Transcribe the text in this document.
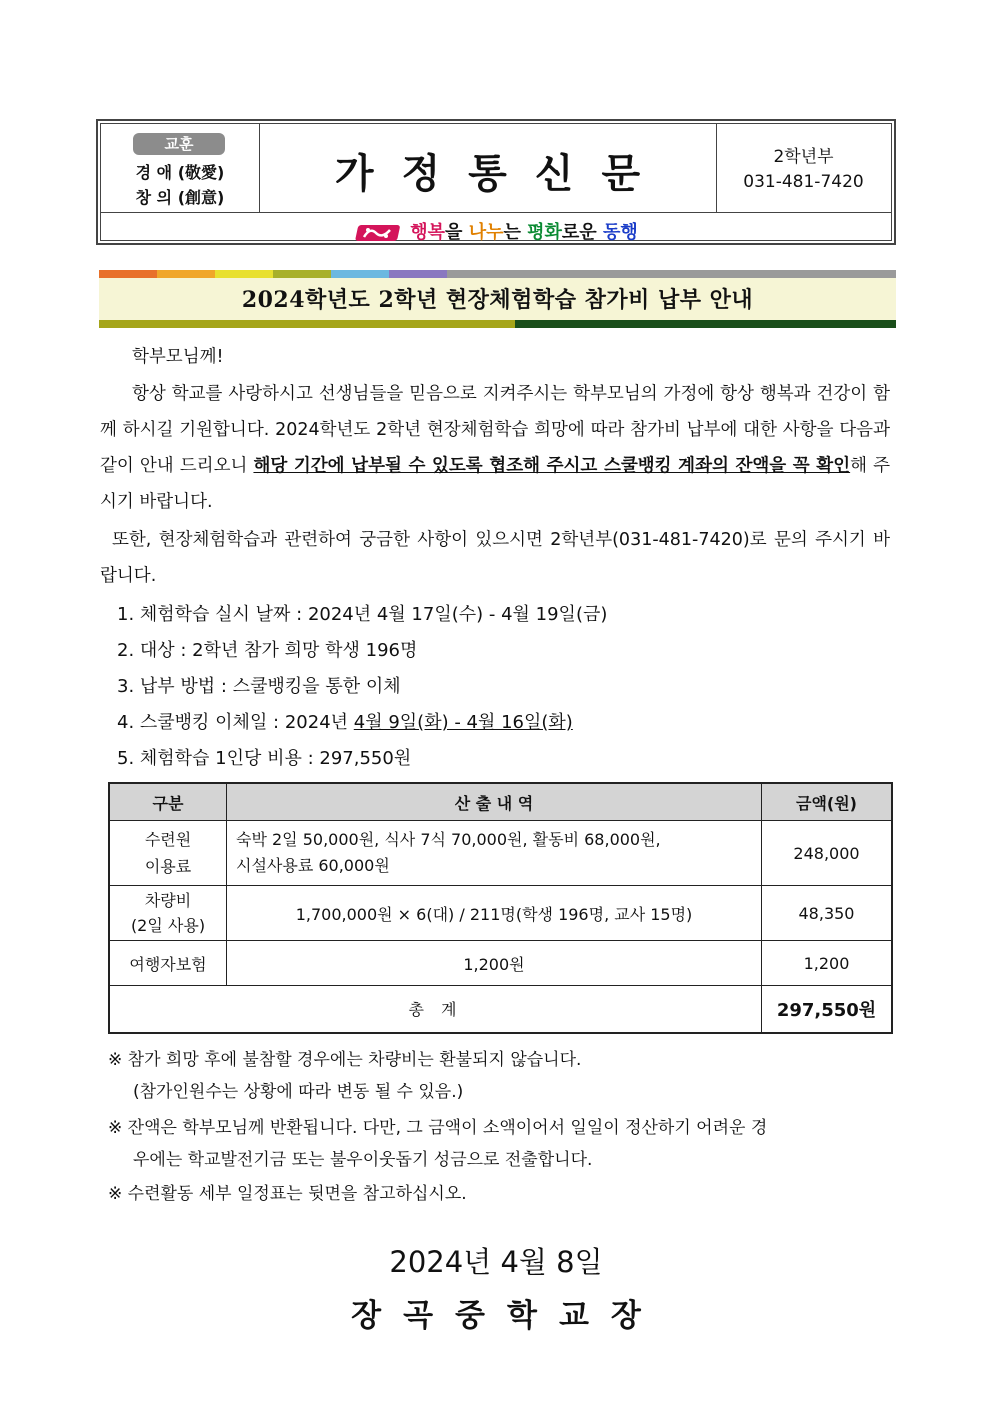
교훈
경 애 (敬愛)
창 의 (創意)
가정통신문	2학년부
031-481-7420
행복을 나누는 평화로운 동행
2024학년도 2학년 현장체험학습 참가비 납부 안내
학부모님께!
항상 학교를 사랑하시고 선생님들을 믿음으로 지켜주시는 학부모님의 가정에 항상 행복과 건강이 함께 하시길 기원합니다. 2024학년도 2학년 현장체험학습 희망에 따라 참가비 납부에 대한 사항을 다음과 같이 안내 드리오니 해당 기간에 납부될 수 있도록 협조해 주시고 스쿨뱅킹 계좌의 잔액을 꼭 확인해 주시기 바랍니다.
또한, 현장체험학습과 관련하여 궁금한 사항이 있으시면 2학년부(031-481-7420)로 문의 주시기 바랍니다.
1. 체험학습 실시 날짜 : 2024년 4월 17일(수) - 4월 19일(금)
2. 대상 : 2학년 참가 희망 학생 196명
3. 납부 방법 : 스쿨뱅킹을 통한 이체
4. 스쿨뱅킹 이체일 : 2024년 4월 9일(화) - 4월 16일(화)
5. 체험학습 1인당 비용 : 297,550원
구분	산 출 내 역	금액(원)
수련원
이용료	숙박 2일 50,000원, 식사 7식 70,000원, 활동비 68,000원,
시설사용료 60,000원	248,000
차량비
(2일 사용)	1,700,000원 × 6(대) / 211명(학생 196명, 교사 15명)	48,350
여행자보험	1,200원	1,200
총 계		297,550원
※ 참가 희망 후에 불참할 경우에는 차량비는 환불되지 않습니다.
(참가인원수는 상황에 따라 변동 될 수 있음.)
※ 잔액은 학부모님께 반환됩니다. 다만, 그 금액이 소액이어서 일일이 정산하기 어려운 경
우에는 학교발전기금 또는 불우이웃돕기 성금으로 전출합니다.
※ 수련활동 세부 일정표는 뒷면을 참고하십시오.
2024년 4월 8일
장곡중학교장
